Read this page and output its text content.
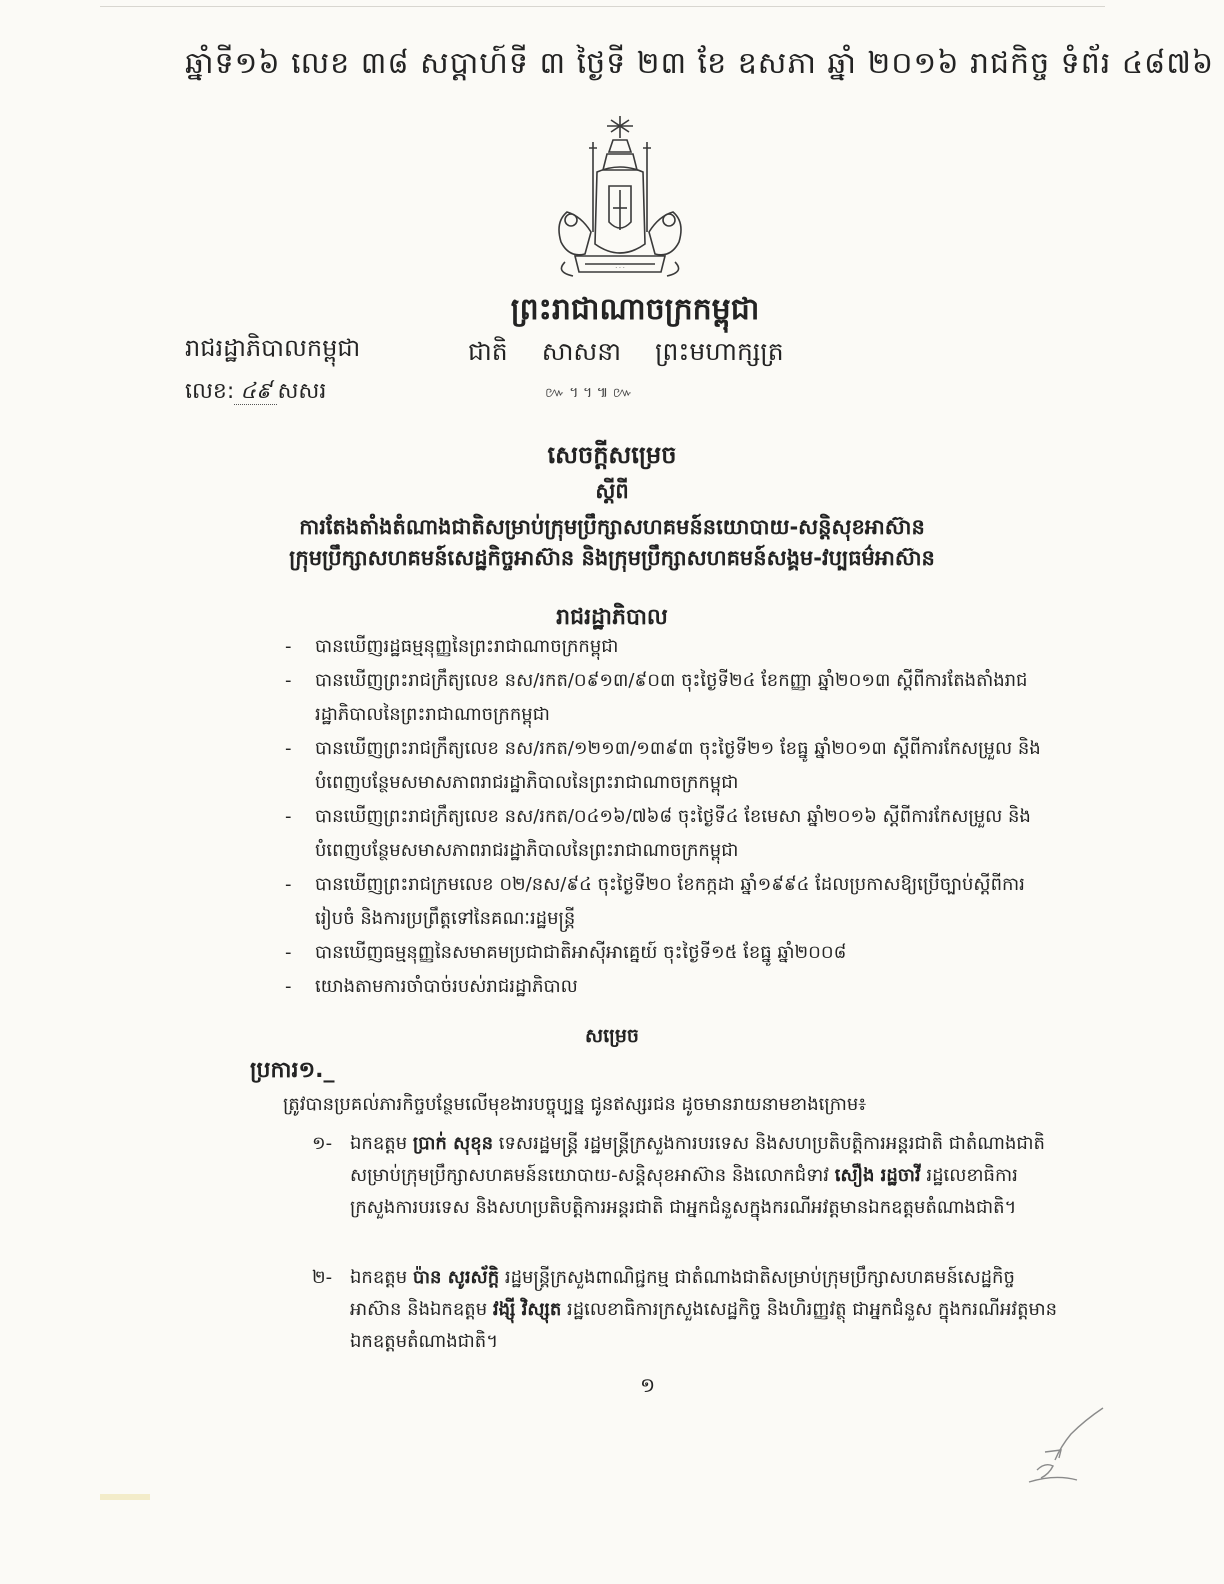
ឆ្នាំទី១៦ លេខ ៣៨ សប្ដាហ៍ទី ៣ ថ្ងៃទី ២៣ ខែ ឧសភា ឆ្នាំ ២០១៦ រាជកិច្ច ទំព័រ ៤៨៧៦
· · ·
ព្រះរាជាណាចក្រកម្ពុជា
រាជរដ្ឋាភិបាលកម្ពុជា	ជាតិ សាសនា ព្រះមហាក្សត្រ
លេខ: ៤៩ សសរ	៚ ។ ។ ៕ ៚
សេចក្ដីសម្រេច
ស្ដីពី
ការតែងតាំងតំណាងជាតិសម្រាប់ក្រុមប្រឹក្សាសហគមន៍នយោបាយ-សន្តិសុខអាស៊ាន
ក្រុមប្រឹក្សាសហគមន៍សេដ្ឋកិច្ចអាស៊ាន និងក្រុមប្រឹក្សាសហគមន៍សង្គម-វប្បធម៌អាស៊ាន
រាជរដ្ឋាភិបាល
- បានឃើញរដ្ឋធម្មនុញ្ញនៃព្រះរាជាណាចក្រកម្ពុជា
- បានឃើញព្រះរាជក្រឹត្យលេខ នស/រកត/០៩១៣/៩០៣ ចុះថ្ងៃទី២៤ ខែកញ្ញា ឆ្នាំ២០១៣ ស្ដីពីការតែងតាំងរាជរដ្ឋាភិបាលនៃព្រះរាជាណាចក្រកម្ពុជា
- បានឃើញព្រះរាជក្រឹត្យលេខ នស/រកត/១២១៣/១៣៩៣ ចុះថ្ងៃទី២១ ខែធ្នូ ឆ្នាំ២០១៣ ស្ដីពីការកែសម្រួល និងបំពេញបន្ថែមសមាសភាពរាជរដ្ឋាភិបាលនៃព្រះរាជាណាចក្រកម្ពុជា
- បានឃើញព្រះរាជក្រឹត្យលេខ នស/រកត/០៤១៦/៧៦៨ ចុះថ្ងៃទី៤ ខែមេសា ឆ្នាំ២០១៦ ស្ដីពីការកែសម្រួល និងបំពេញបន្ថែមសមាសភាពរាជរដ្ឋាភិបាលនៃព្រះរាជាណាចក្រកម្ពុជា
- បានឃើញព្រះរាជក្រមលេខ ០២/នស/៩៤ ចុះថ្ងៃទី២០ ខែកក្កដា ឆ្នាំ១៩៩៤ ដែលប្រកាសឱ្យប្រើច្បាប់ស្ដីពីការរៀបចំ និងការប្រព្រឹត្តទៅនៃគណៈរដ្ឋមន្ត្រី
- បានឃើញធម្មនុញ្ញនៃសមាគមប្រជាជាតិអាស៊ីអាគ្នេយ៍ ចុះថ្ងៃទី១៥ ខែធ្នូ ឆ្នាំ២០០៨
- យោងតាមការចាំបាច់របស់រាជរដ្ឋាភិបាល
សម្រេច
ប្រការ១._
ត្រូវបានប្រគល់ភារកិច្ចបន្ថែមលើមុខងារបច្ចុប្បន្ន ជូនឥស្សរជន ដូចមានរាយនាមខាងក្រោម៖
១- ឯកឧត្តម ប្រាក់ សុខុន ទេសរដ្ឋមន្ត្រី រដ្ឋមន្ត្រីក្រសួងការបរទេស និងសហប្រតិបត្តិការអន្តរជាតិ ជាតំណាងជាតិសម្រាប់ក្រុមប្រឹក្សាសហគមន៍នយោបាយ-សន្តិសុខអាស៊ាន និងលោកជំទាវ សឿង រដ្ឋចាវី រដ្ឋលេខាធិការក្រសួងការបរទេស និងសហប្រតិបត្តិការអន្តរជាតិ ជាអ្នកជំនួសក្នុងករណីអវត្តមានឯកឧត្តមតំណាងជាតិ។
២- ឯកឧត្តម ប៉ាន សូរស័ក្តិ រដ្ឋមន្ត្រីក្រសួងពាណិជ្ជកម្ម ជាតំណាងជាតិសម្រាប់ក្រុមប្រឹក្សាសហគមន៍សេដ្ឋកិច្ចអាស៊ាន និងឯកឧត្តម វង្ស៊ី វិស្សុត រដ្ឋលេខាធិការក្រសួងសេដ្ឋកិច្ច និងហិរញ្ញវត្ថុ ជាអ្នកជំនួស ក្នុងករណីអវត្តមានឯកឧត្តមតំណាងជាតិ។
១
